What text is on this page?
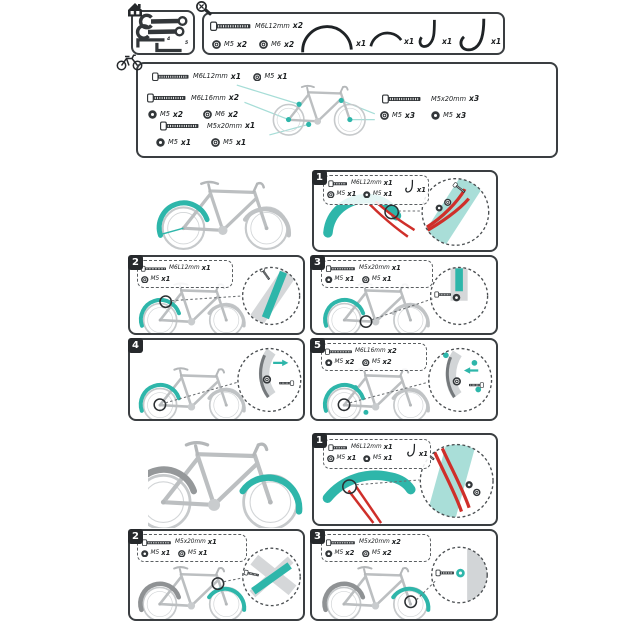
4
5
M6L12mm x2
M5 x2	M6 x2	x1	x1	x1	x1
M6L12mm x1	M5 x1
M6L16mm x2
M5 x2	M6 x2
M5x20mm x1
M5 x1	M5 x1
M5x20mm x3
M5 x3	M5 x3
1	M6L12mm x1
M5 x1	M5 x1	x1
2	M6L12mm x1
M5 x1
3	M5x20mm x1
M5 x1	M5 x1
4	5	M6L16mm x2
M5 x2	M5 x2
1
M6L12mm x1
M5 x1	M5 x1	x1
2	M5x20mm x1
M5 x1	M5 x1
3	M5x20mm x2
M5 x2	M5 x2
